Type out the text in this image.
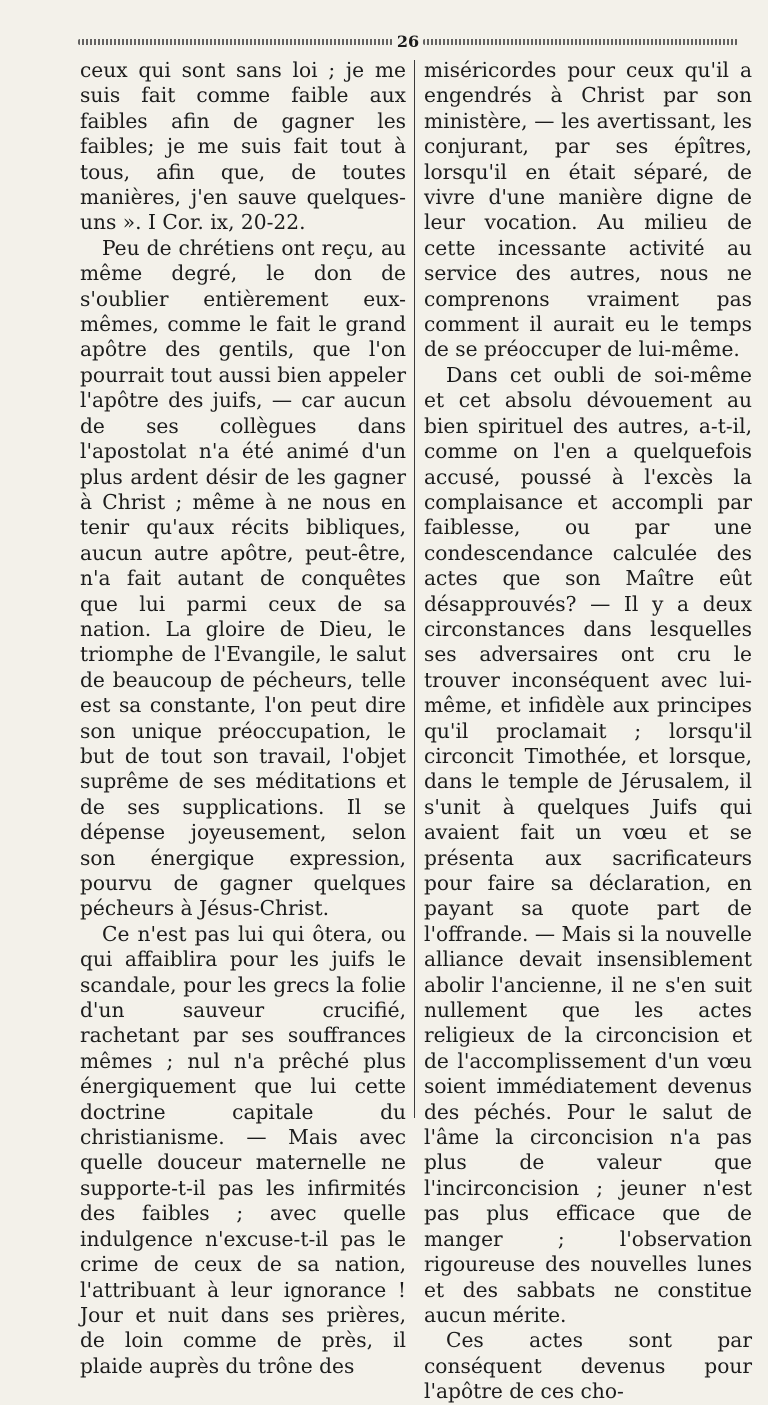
26

ceux qui sont sans loi ; je me suis fait comme faible aux faibles afin de gagner les faibles; je me suis fait tout à tous, afin que, de toutes manières, j'en sauve quelques-uns ». I Cor. ix, 20-22.

Peu de chrétiens ont reçu, au même degré, le don de s'oublier entièrement eux-mêmes, comme le fait le grand apôtre des gentils, que l'on pourrait tout aussi bien appeler l'apôtre des juifs, — car aucun de ses collègues dans l'apostolat n'a été animé d'un plus ardent désir de les gagner à Christ ; même à ne nous en tenir qu'aux récits bibliques, aucun autre apôtre, peut-être, n'a fait autant de conquêtes que lui parmi ceux de sa nation. La gloire de Dieu, le triomphe de l'Evangile, le salut de beaucoup de pécheurs, telle est sa constante, l'on peut dire son unique préoccupation, le but de tout son travail, l'objet suprême de ses méditations et de ses supplications. Il se dépense joyeusement, selon son énergique expression, pourvu de gagner quelques pécheurs à Jésus-Christ.

Ce n'est pas lui qui ôtera, ou qui affaiblira pour les juifs le scandale, pour les grecs la folie d'un sauveur crucifié, rachetant par ses souffrances mêmes ; nul n'a prêché plus énergiquement que lui cette doctrine capitale du christianisme. — Mais avec quelle douceur maternelle ne supporte-t-il pas les infirmités des faibles ; avec quelle indulgence n'excuse-t-il pas le crime de ceux de sa nation, l'attribuant à leur ignorance ! Jour et nuit dans ses prières, de loin comme de près, il plaide auprès du trône des

miséricordes pour ceux qu'il a engendrés à Christ par son ministère, — les avertissant, les conjurant, par ses épîtres, lorsqu'il en était séparé, de vivre d'une manière digne de leur vocation. Au milieu de cette incessante activité au service des autres, nous ne comprenons vraiment pas comment il aurait eu le temps de se préoccuper de lui-même.

Dans cet oubli de soi-même et cet absolu dévouement au bien spirituel des autres, a-t-il, comme on l'en a quelquefois accusé, poussé à l'excès la complaisance et accompli par faiblesse, ou par une condescendance calculée des actes que son Maître eût désapprouvés? — Il y a deux circonstances dans lesquelles ses adversaires ont cru le trouver inconséquent avec lui-même, et infidèle aux principes qu'il proclamait ; lorsqu'il circoncit Timothée, et lorsque, dans le temple de Jérusalem, il s'unit à quelques Juifs qui avaient fait un vœu et se présenta aux sacrificateurs pour faire sa déclaration, en payant sa quote part de l'offrande. — Mais si la nouvelle alliance devait insensiblement abolir l'ancienne, il ne s'en suit nullement que les actes religieux de la circoncision et de l'accomplissement d'un vœu soient immédiatement devenus des péchés. Pour le salut de l'âme la circoncision n'a pas plus de valeur que l'incirconcision ; jeuner n'est pas plus efficace que de manger ; l'observation rigoureuse des nouvelles lunes et des sabbats ne constitue aucun mérite.

Ces actes sont par conséquent devenus pour l'apôtre de ces cho-
